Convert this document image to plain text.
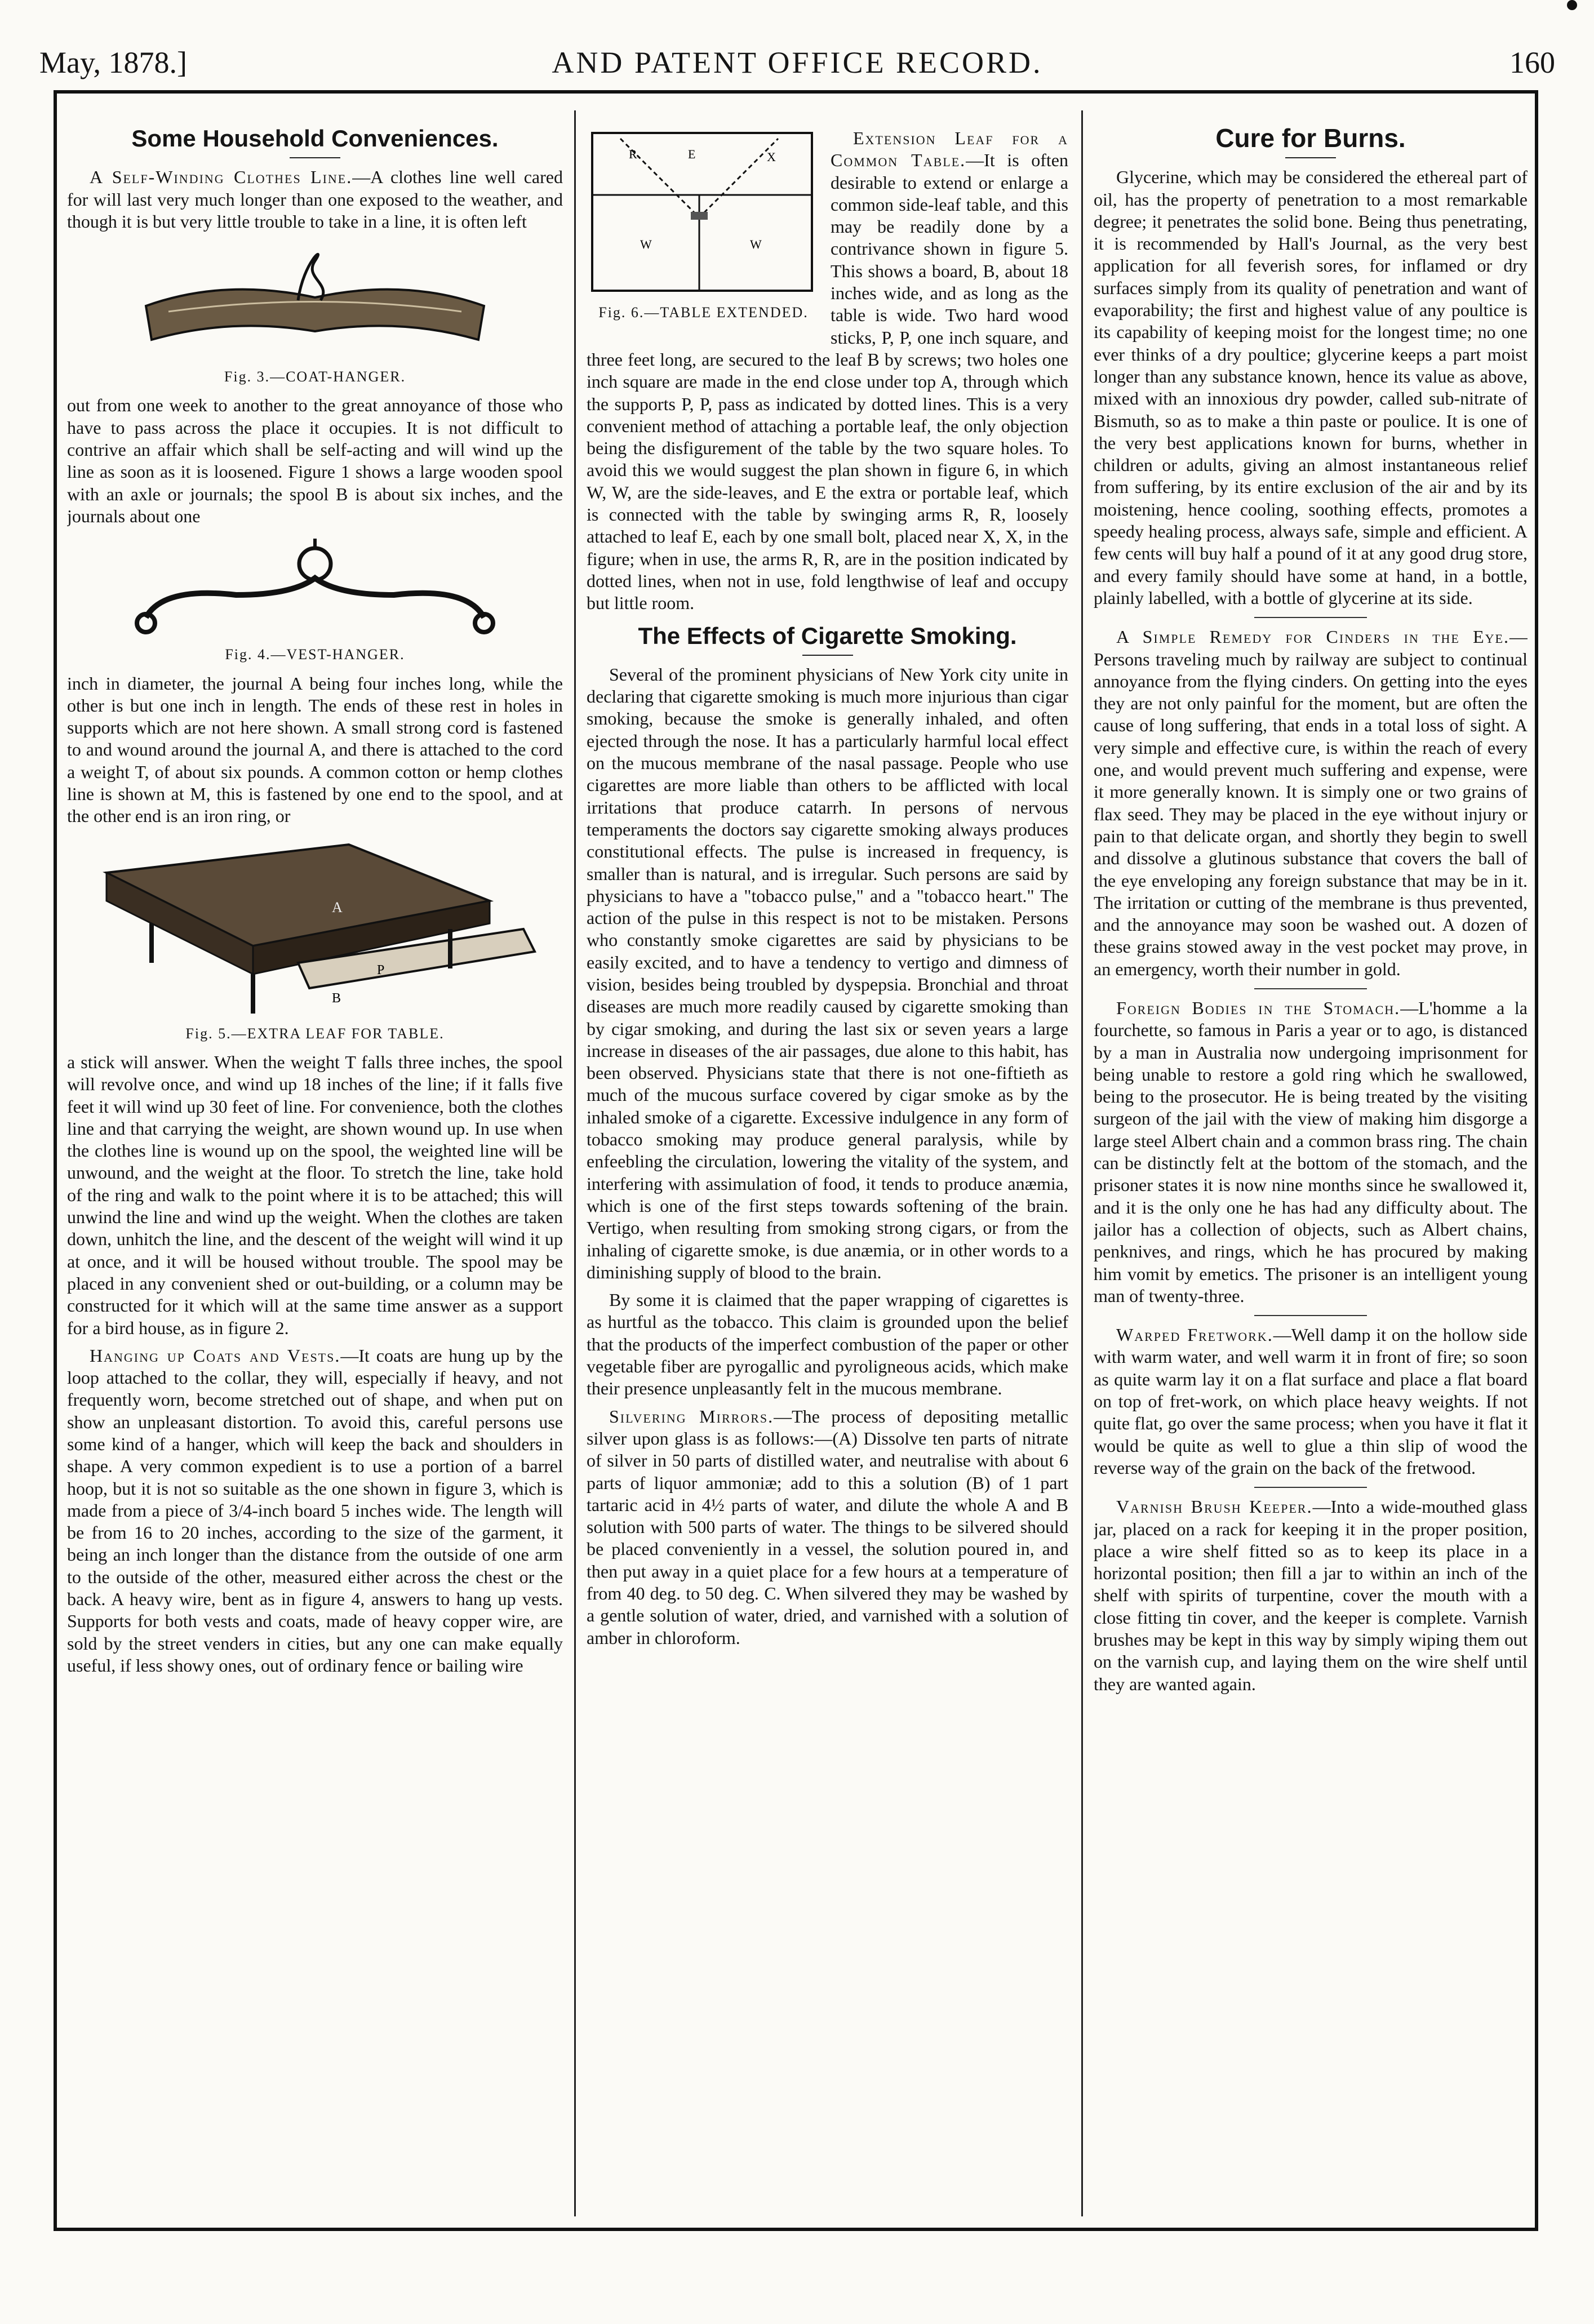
May, 1878.]	AND PATENT OFFICE RECORD.	160
Some Household Conveniences.

A Self-Winding Clothes Line.—A clothes line well cared for will last very much longer than one exposed to the weather, and though it is but very little trouble to take in a line, it is often left

Fig. 3.—COAT-HANGER.

out from one week to another to the great annoyance of those who have to pass across the place it occupies. It is not difficult to contrive an affair which shall be self-acting and will wind up the line as soon as it is loosened. Figure 1 shows a large wooden spool with an axle or journals; the spool B is about six inches, and the journals about one

Fig. 4.—VEST-HANGER.

inch in diameter, the journal A being four inches long, while the other is but one inch in length. The ends of these rest in holes in supports which are not here shown. A small strong cord is fastened to and wound around the journal A, and there is attached to the cord a weight T, of about six pounds. A common cotton or hemp clothes line is shown at M, this is fastened by one end to the spool, and at the other end is an iron ring, or

A
P
B
Fig. 5.—EXTRA LEAF FOR TABLE.

a stick will answer. When the weight T falls three inches, the spool will revolve once, and wind up 18 inches of the line; if it falls five feet it will wind up 30 feet of line. For convenience, both the clothes line and that carrying the weight, are shown wound up. In use when the clothes line is wound up on the spool, the weighted line will be unwound, and the weight at the floor. To stretch the line, take hold of the ring and walk to the point where it is to be attached; this will unwind the line and wind up the weight. When the clothes are taken down, unhitch the line, and the descent of the weight will wind it up at once, and it will be housed without trouble. The spool may be placed in any convenient shed or out-building, or a column may be constructed for it which will at the same time answer as a support for a bird house, as in figure 2.

Hanging up Coats and Vests.—It coats are hung up by the loop attached to the collar, they will, especially if heavy, and not frequently worn, become stretched out of shape, and when put on show an unpleasant distortion. To avoid this, careful persons use some kind of a hanger, which will keep the back and shoulders in shape. A very common expedient is to use a portion of a barrel hoop, but it is not so suitable as the one shown in figure 3, which is made from a piece of 3/4-inch board 5 inches wide. The length will be from 16 to 20 inches, according to the size of the garment, it being an inch longer than the distance from the outside of one arm to the outside of the other, measured either across the chest or the back. A heavy wire, bent as in figure 4, answers to hang up vests. Supports for both vests and coats, made of heavy copper wire, are sold by the street venders in cities, but any one can make equally useful, if less showy ones, out of ordinary fence or bailing wire

R	E	X
W	W
Fig. 6.—TABLE EXTENDED.

Extension Leaf for a Common Table.—It is often desirable to extend or enlarge a common side-leaf table, and this may be readily done by a contrivance shown in figure 5. This shows a board, B, about 18 inches wide, and as long as the table is wide. Two hard wood sticks, P, P, one inch square, and three feet long, are secured to the leaf B by screws; two holes one inch square are made in the end close under top A, through which the supports P, P, pass as indicated by dotted lines. This is a very convenient method of attaching a portable leaf, the only objection being the disfigurement of the table by the two square holes. To avoid this we would suggest the plan shown in figure 6, in which W, W, are the side-leaves, and E the extra or portable leaf, which is connected with the table by swinging arms R, R, loosely attached to leaf E, each by one small bolt, placed near X, X, in the figure; when in use, the arms R, R, are in the position indicated by dotted lines, when not in use, fold lengthwise of leaf and occupy but little room.

The Effects of Cigarette Smoking.

Several of the prominent physicians of New York city unite in declaring that cigarette smoking is much more injurious than cigar smoking, because the smoke is generally inhaled, and often ejected through the nose. It has a particularly harmful local effect on the mucous membrane of the nasal passage. People who use cigarettes are more liable than others to be afflicted with local irritations that produce catarrh. In persons of nervous temperaments the doctors say cigarette smoking always produces constitutional effects. The pulse is increased in frequency, is smaller than is natural, and is irregular. Such persons are said by physicians to have a "tobacco pulse," and a "tobacco heart." The action of the pulse in this respect is not to be mistaken. Persons who constantly smoke cigarettes are said by physicians to be easily excited, and to have a tendency to vertigo and dimness of vision, besides being troubled by dyspepsia. Bronchial and throat diseases are much more readily caused by cigarette smoking than by cigar smoking, and during the last six or seven years a large increase in diseases of the air passages, due alone to this habit, has been observed. Physicians state that there is not one-fiftieth as much of the mucous surface covered by cigar smoke as by the inhaled smoke of a cigarette. Excessive indulgence in any form of tobacco smoking may produce general paralysis, while by enfeebling the circulation, lowering the vitality of the system, and interfering with assimulation of food, it tends to produce anæmia, which is one of the first steps towards softening of the brain. Vertigo, when resulting from smoking strong cigars, or from the inhaling of cigarette smoke, is due anæmia, or in other words to a diminishing supply of blood to the brain.

By some it is claimed that the paper wrapping of cigarettes is as hurtful as the tobacco. This claim is grounded upon the belief that the products of the imperfect combustion of the paper or other vegetable fiber are pyrogallic and pyroligneous acids, which make their presence unpleasantly felt in the mucous membrane.

Silvering Mirrors.—The process of depositing metallic silver upon glass is as follows:—(A) Dissolve ten parts of nitrate of silver in 50 parts of distilled water, and neutralise with about 6 parts of liquor ammoniæ; add to this a solution (B) of 1 part tartaric acid in 4½ parts of water, and dilute the whole A and B solution with 500 parts of water. The things to be silvered should be placed conveniently in a vessel, the solution poured in, and then put away in a quiet place for a few hours at a temperature of from 40 deg. to 50 deg. C. When silvered they may be washed by a gentle solution of water, dried, and varnished with a solution of amber in chloroform.

Cure for Burns.

Glycerine, which may be considered the ethereal part of oil, has the property of penetration to a most remarkable degree; it penetrates the solid bone. Being thus penetrating, it is recommended by Hall's Journal, as the very best application for all feverish sores, for inflamed or dry surfaces simply from its quality of penetration and want of evaporability; the first and highest value of any poultice is its capability of keeping moist for the longest time; no one ever thinks of a dry poultice; glycerine keeps a part moist longer than any substance known, hence its value as above, mixed with an innoxious dry powder, called sub-nitrate of Bismuth, so as to make a thin paste or poulice. It is one of the very best applications known for burns, whether in children or adults, giving an almost instantaneous relief from suffering, by its entire exclusion of the air and by its moistening, hence cooling, soothing effects, promotes a speedy healing process, always safe, simple and efficient. A few cents will buy half a pound of it at any good drug store, and every family should have some at hand, in a bottle, plainly labelled, with a bottle of glycerine at its side.

A Simple Remedy for Cinders in the Eye.—Persons traveling much by railway are subject to continual annoyance from the flying cinders. On getting into the eyes they are not only painful for the moment, but are often the cause of long suffering, that ends in a total loss of sight. A very simple and effective cure, is within the reach of every one, and would prevent much suffering and expense, were it more generally known. It is simply one or two grains of flax seed. They may be placed in the eye without injury or pain to that delicate organ, and shortly they begin to swell and dissolve a glutinous substance that covers the ball of the eye enveloping any foreign substance that may be in it. The irritation or cutting of the membrane is thus prevented, and the annoyance may soon be washed out. A dozen of these grains stowed away in the vest pocket may prove, in an emergency, worth their number in gold.

Foreign Bodies in the Stomach.—L'homme a la fourchette, so famous in Paris a year or to ago, is distanced by a man in Australia now undergoing imprisonment for being unable to restore a gold ring which he swallowed, being to the prosecutor. He is being treated by the visiting surgeon of the jail with the view of making him disgorge a large steel Albert chain and a common brass ring. The chain can be distinctly felt at the bottom of the stomach, and the prisoner states it is now nine months since he swallowed it, and it is the only one he has had any difficulty about. The jailor has a collection of objects, such as Albert chains, penknives, and rings, which he has procured by making him vomit by emetics. The prisoner is an intelligent young man of twenty-three.

Warped Fretwork.—Well damp it on the hollow side with warm water, and well warm it in front of fire; so soon as quite warm lay it on a flat surface and place a flat board on top of fret-work, on which place heavy weights. If not quite flat, go over the same process; when you have it flat it would be quite as well to glue a thin slip of wood the reverse way of the grain on the back of the fretwood.

Varnish Brush Keeper.—Into a wide-mouthed glass jar, placed on a rack for keeping it in the proper position, place a wire shelf fitted so as to keep its place in a horizontal position; then fill a jar to within an inch of the shelf with spirits of turpentine, cover the mouth with a close fitting tin cover, and the keeper is complete. Varnish brushes may be kept in this way by simply wiping them out on the varnish cup, and laying them on the wire shelf until they are wanted again.
